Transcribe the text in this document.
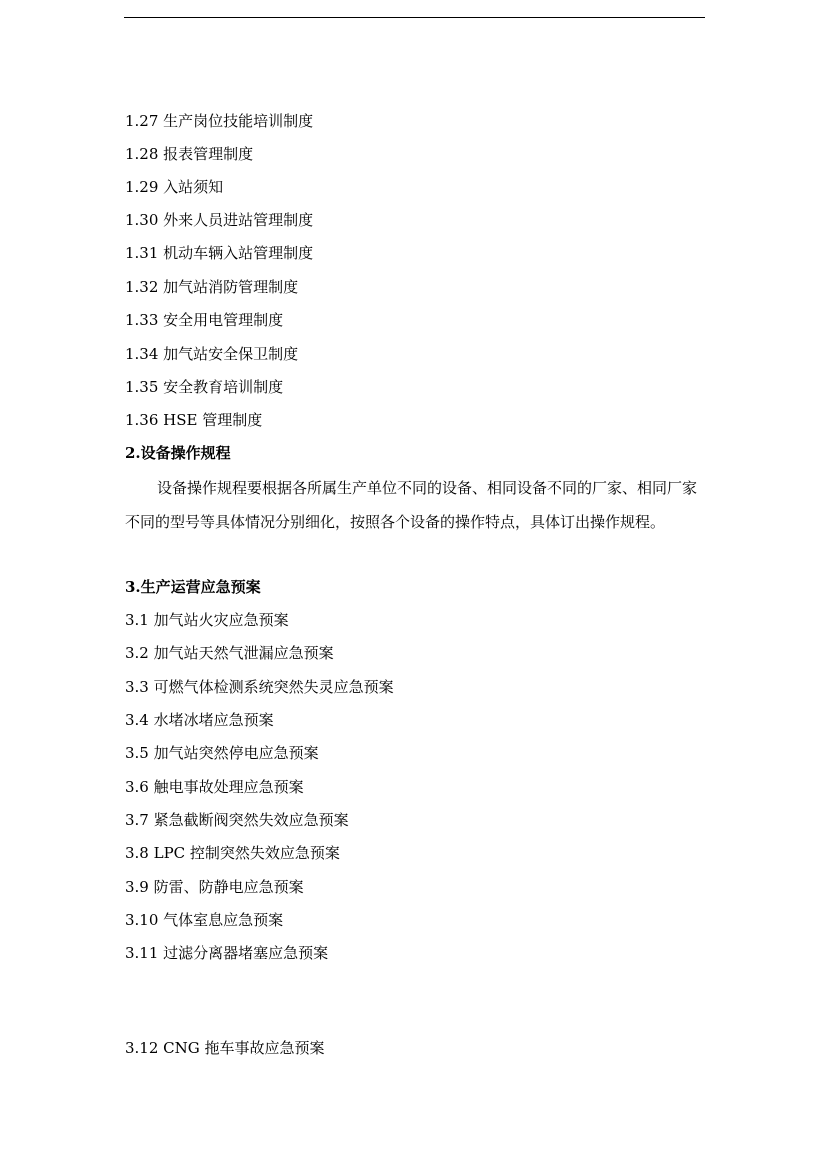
1.27 生产岗位技能培训制度
1.28 报表管理制度
1.29 入站须知
1.30 外来人员进站管理制度
1.31 机动车辆入站管理制度
1.32 加气站消防管理制度
1.33 安全用电管理制度
1.34 加气站安全保卫制度
1.35 安全教育培训制度
1.36 HSE 管理制度
2.设备操作规程
设备操作规程要根据各所属生产单位不同的设备、相同设备不同的厂家、相同厂家不同的型号等具体情况分别细化，按照各个设备的操作特点，具体订出操作规程。
3.生产运营应急预案
3.1 加气站火灾应急预案
3.2 加气站天然气泄漏应急预案
3.3 可燃气体检测系统突然失灵应急预案
3.4 水堵冰堵应急预案
3.5 加气站突然停电应急预案
3.6 触电事故处理应急预案
3.7 紧急截断阀突然失效应急预案
3.8 LPC 控制突然失效应急预案
3.9 防雷、防静电应急预案
3.10 气体室息应急预案
3.11 过滤分离器堵塞应急预案
3.12 CNG 拖车事故应急预案
